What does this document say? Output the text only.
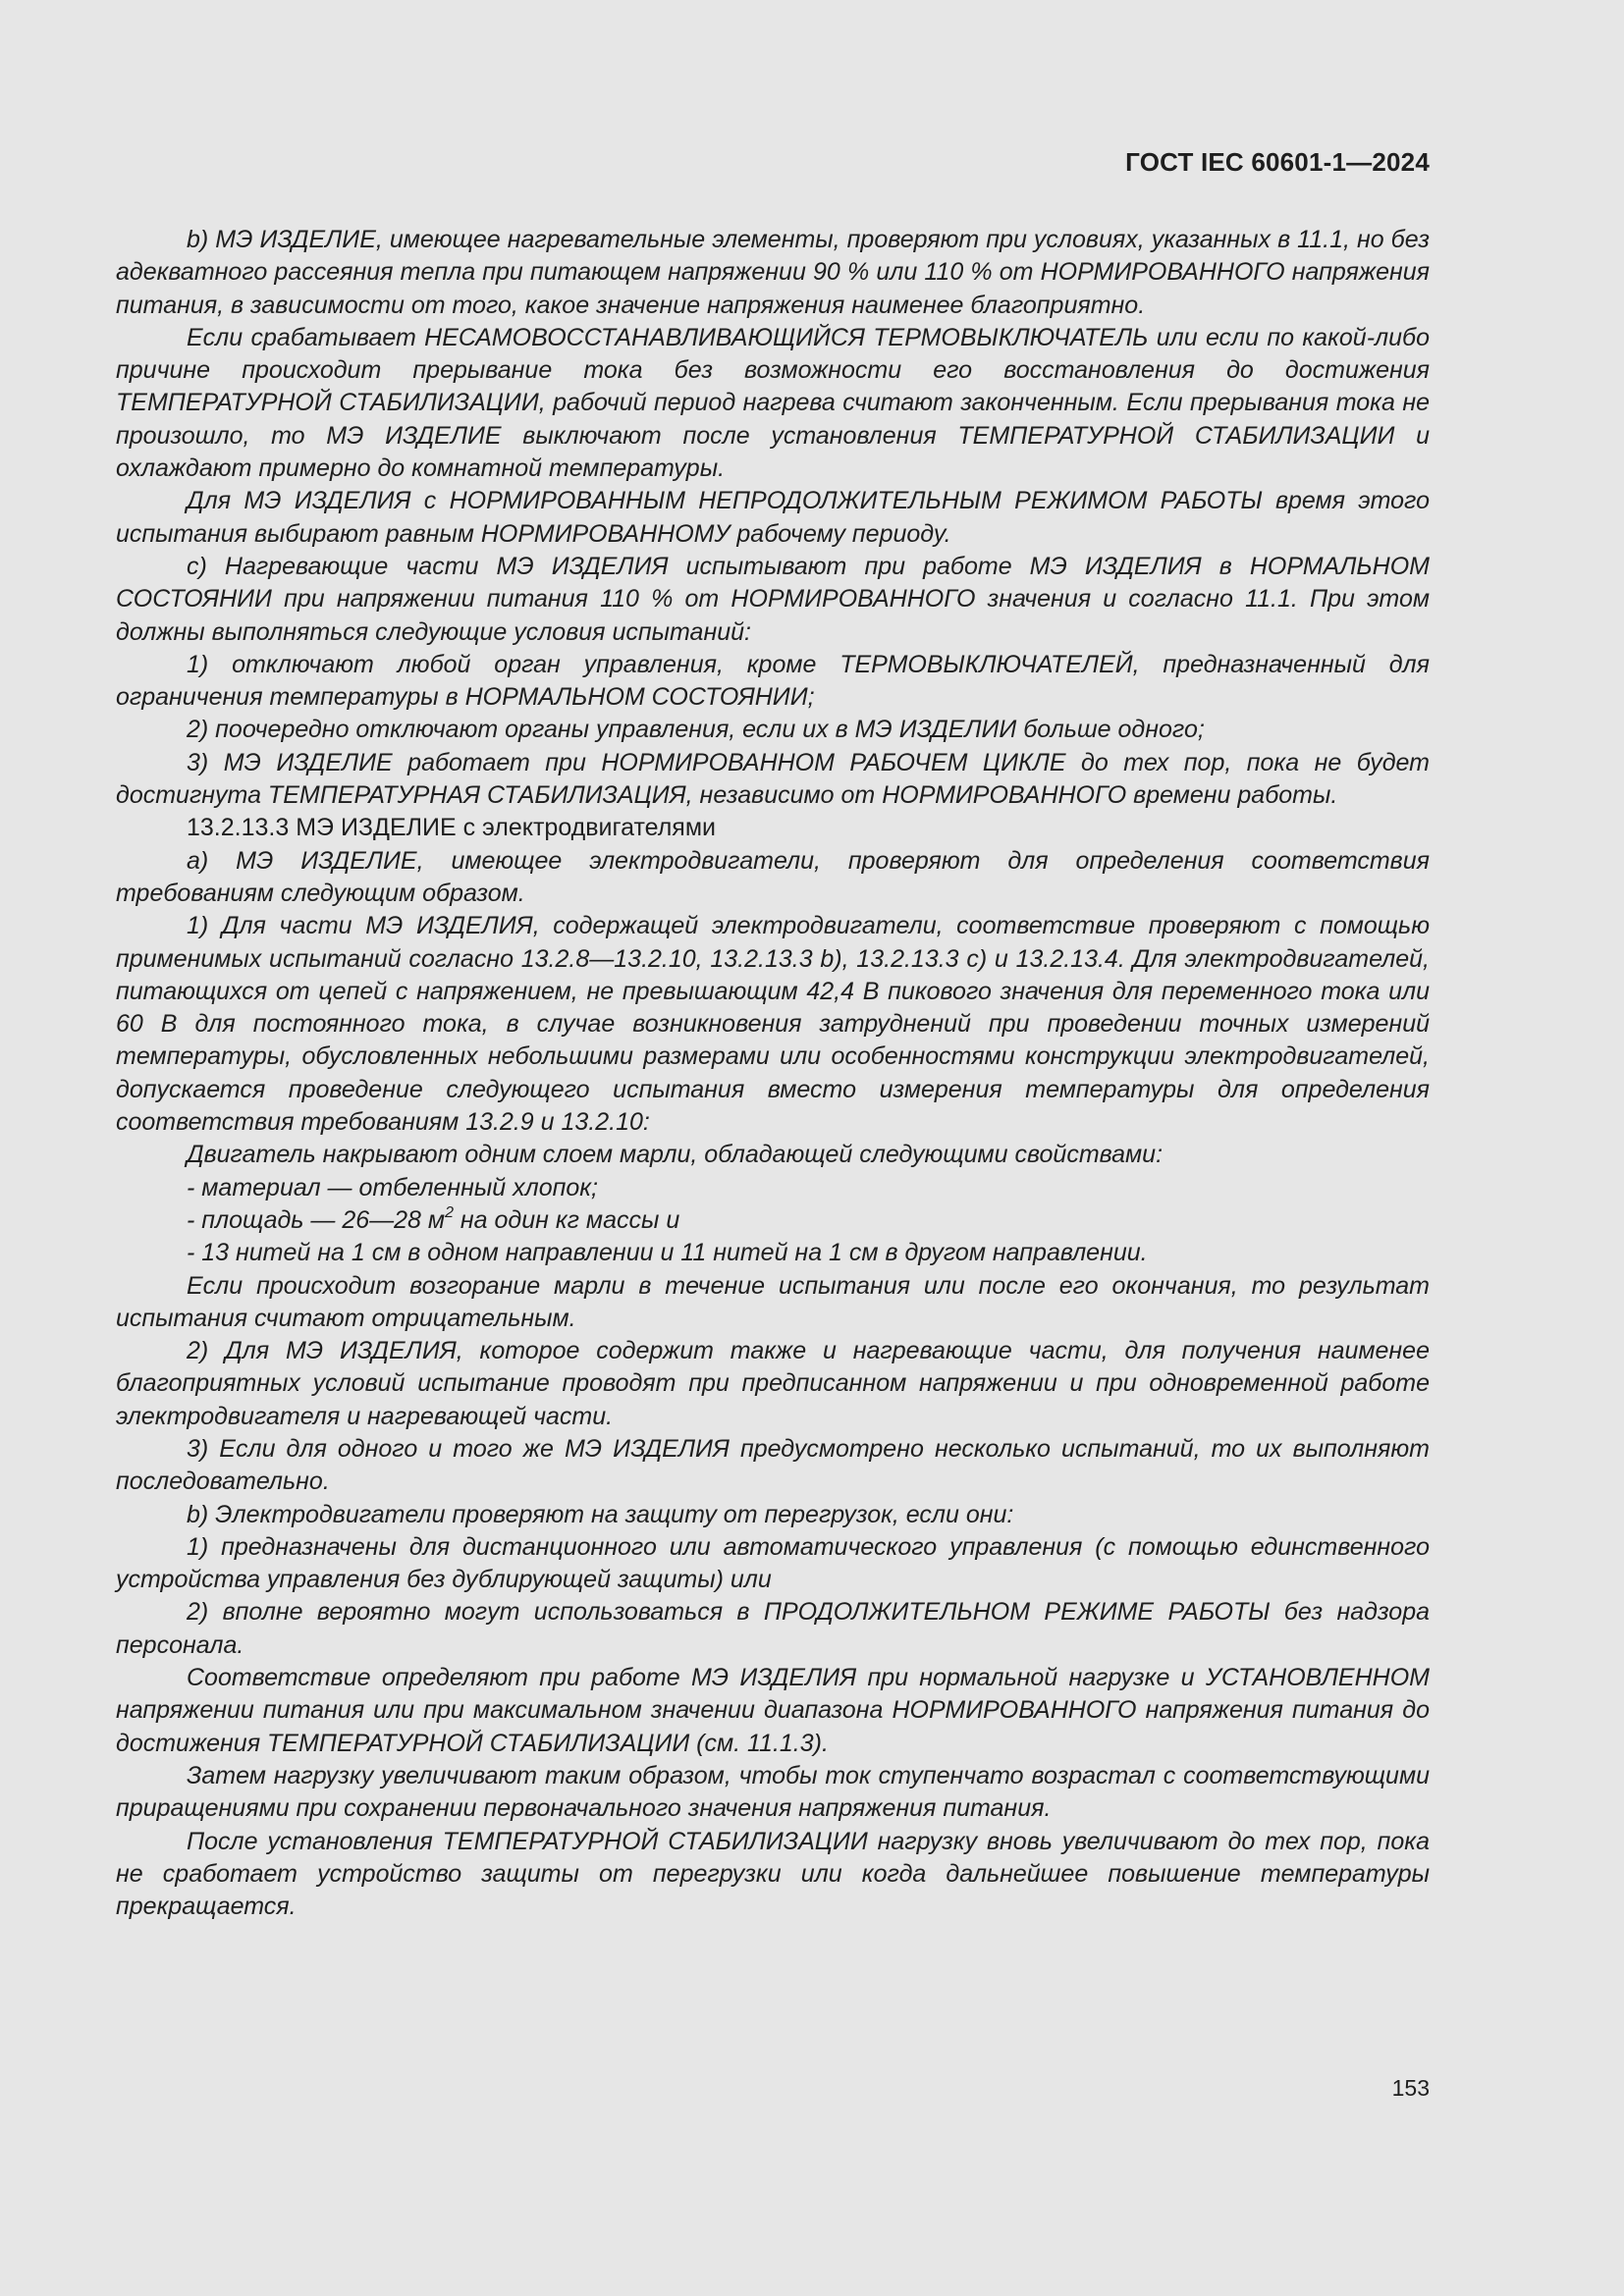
ГОСТ IEC 60601-1—2024

b) МЭ ИЗДЕЛИЕ, имеющее нагревательные элементы, проверяют при условиях, указанных в 11.1, но без адекватного рассеяния тепла при питающем напряжении 90 % или 110 % от НОРМИРОВАННОГО напряжения питания, в зависимости от того, какое значение напряжения наименее благоприятно.

Если срабатывает НЕСАМОВОССТАНАВЛИВАЮЩИЙСЯ ТЕРМОВЫКЛЮЧАТЕЛЬ или если по какой-либо причине происходит прерывание тока без возможности его восстановления до достижения ТЕМПЕРАТУРНОЙ СТАБИЛИЗАЦИИ, рабочий период нагрева считают законченным. Если прерывания тока не произошло, то МЭ ИЗДЕЛИЕ выключают после установления ТЕМПЕРАТУРНОЙ СТАБИЛИЗАЦИИ и охлаждают примерно до комнатной температуры.

Для МЭ ИЗДЕЛИЯ с НОРМИРОВАННЫМ НЕПРОДОЛЖИТЕЛЬНЫМ РЕЖИМОМ РАБОТЫ время этого испытания выбирают равным НОРМИРОВАННОМУ рабочему периоду.

c) Нагревающие части МЭ ИЗДЕЛИЯ испытывают при работе МЭ ИЗДЕЛИЯ в НОРМАЛЬНОМ СОСТОЯНИИ при напряжении питания 110 % от НОРМИРОВАННОГО значения и согласно 11.1. При этом должны выполняться следующие условия испытаний:

1) отключают любой орган управления, кроме ТЕРМОВЫКЛЮЧАТЕЛЕЙ, предназначенный для ограничения температуры в НОРМАЛЬНОМ СОСТОЯНИИ;

2) поочередно отключают органы управления, если их в МЭ ИЗДЕЛИИ больше одного;

3) МЭ ИЗДЕЛИЕ работает при НОРМИРОВАННОМ РАБОЧЕМ ЦИКЛЕ до тех пор, пока не будет достигнута ТЕМПЕРАТУРНАЯ СТАБИЛИЗАЦИЯ, независимо от НОРМИРОВАННОГО времени работы.

13.2.13.3 МЭ ИЗДЕЛИЕ с электродвигателями

a) МЭ ИЗДЕЛИЕ, имеющее электродвигатели, проверяют для определения соответствия требованиям следующим образом.

1) Для части МЭ ИЗДЕЛИЯ, содержащей электродвигатели, соответствие проверяют с помощью применимых испытаний согласно 13.2.8—13.2.10, 13.2.13.3 b), 13.2.13.3 c) и 13.2.13.4. Для электродвигателей, питающихся от цепей с напряжением, не превышающим 42,4 В пикового значения для переменного тока или 60 В для постоянного тока, в случае возникновения затруднений при проведении точных измерений температуры, обусловленных небольшими размерами или особенностями конструкции электродвигателей, допускается проведение следующего испытания вместо измерения температуры для определения соответствия требованиям 13.2.9 и 13.2.10:

Двигатель накрывают одним слоем марли, обладающей следующими свойствами:

- материал — отбеленный хлопок;

- площадь — 26—28 $м^2$ на один кг массы и

- 13 нитей на 1 см в одном направлении и 11 нитей на 1 см в другом направлении.

Если происходит возгорание марли в течение испытания или после его окончания, то результат испытания считают отрицательным.

2) Для МЭ ИЗДЕЛИЯ, которое содержит также и нагревающие части, для получения наименее благоприятных условий испытание проводят при предписанном напряжении и при одновременной работе электродвигателя и нагревающей части.

3) Если для одного и того же МЭ ИЗДЕЛИЯ предусмотрено несколько испытаний, то их выполняют последовательно.

b) Электродвигатели проверяют на защиту от перегрузок, если они:

1) предназначены для дистанционного или автоматического управления (с помощью единственного устройства управления без дублирующей защиты) или

2) вполне вероятно могут использоваться в ПРОДОЛЖИТЕЛЬНОМ РЕЖИМЕ РАБОТЫ без надзора персонала.

Соответствие определяют при работе МЭ ИЗДЕЛИЯ при нормальной нагрузке и УСТАНОВЛЕННОМ напряжении питания или при максимальном значении диапазона НОРМИРОВАННОГО напряжения питания до достижения ТЕМПЕРАТУРНОЙ СТАБИЛИЗАЦИИ (см. 11.1.3).

Затем нагрузку увеличивают таким образом, чтобы ток ступенчато возрастал с соответствующими приращениями при сохранении первоначального значения напряжения питания.

После установления ТЕМПЕРАТУРНОЙ СТАБИЛИЗАЦИИ нагрузку вновь увеличивают до тех пор, пока не сработает устройство защиты от перегрузки или когда дальнейшее повышение температуры прекращается.

153
